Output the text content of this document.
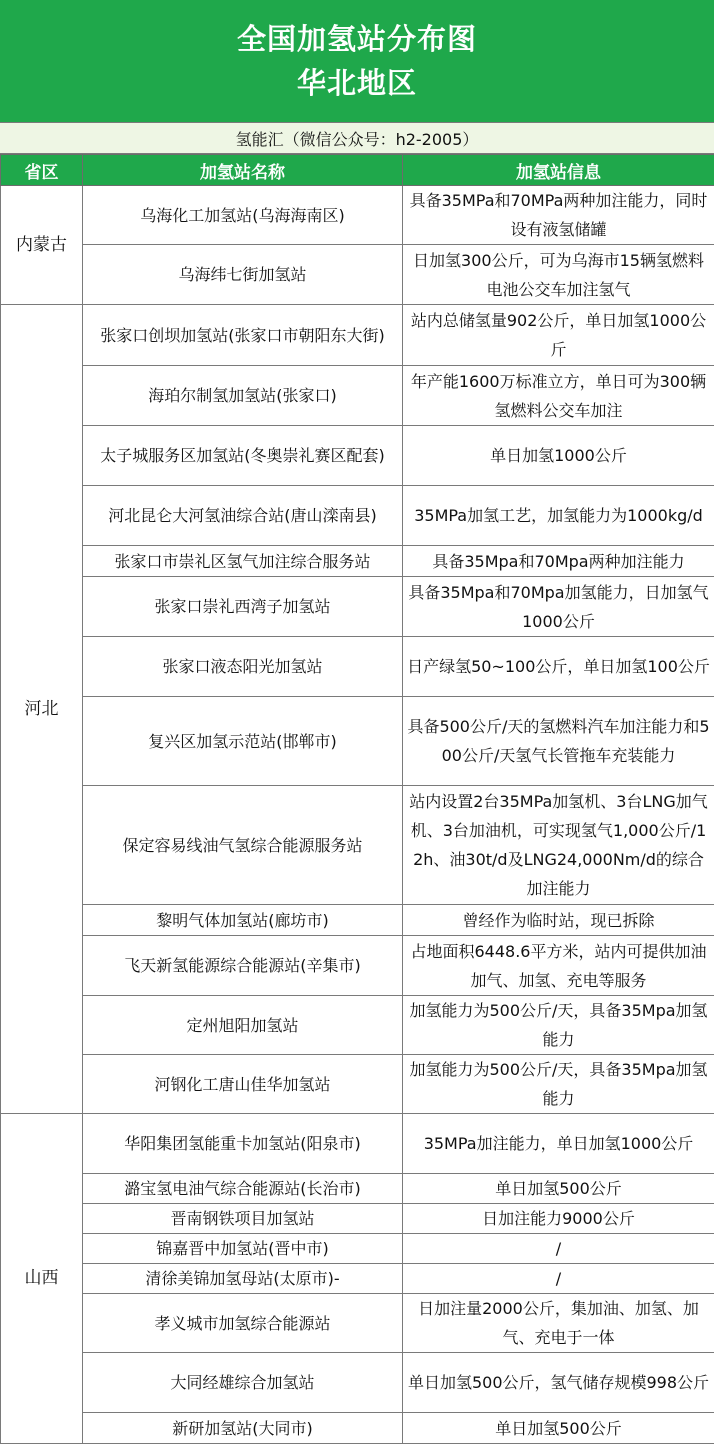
全国加氢站分布图
华北地区
氢能汇（微信公众号：h2-2005）
省区	加氢站名称	加氢站信息
内蒙古	乌海化工加氢站(乌海海南区)	具备35MPa和70MPa两种加注能力，同时设有液氢储罐
	乌海纬七街加氢站	日加氢300公斤，可为乌海市15辆氢燃料电池公交车加注氢气
河北	张家口创坝加氢站(张家口市朝阳东大街)	站内总储氢量902公斤，单日加氢1000公斤
	海珀尔制氢加氢站(张家口)	年产能1600万标准立方，单日可为300辆氢燃料公交车加注
	太子城服务区加氢站(冬奥崇礼赛区配套)	单日加氢1000公斤
	河北昆仑大河氢油综合站(唐山滦南县)	35MPa加氢工艺，加氢能力为1000kg/d
	张家口市崇礼区氢气加注综合服务站	具备35Mpa和70Mpa两种加注能力
	张家口崇礼西湾子加氢站	具备35Mpa和70Mpa加氢能力，日加氢气1000公斤
	张家口液态阳光加氢站	日产绿氢50~100公斤，单日加氢100公斤
	复兴区加氢示范站(邯郸市)	具备500公斤/天的氢燃料汽车加注能力和500公斤/天氢气长管拖车充装能力
	保定容易线油气氢综合能源服务站	站内设置2台35MPa加氢机、3台LNG加气机、3台加油机，可实现氢气1,000公斤/12h、油30t/d及LNG24,000Nm/d的综合加注能力
	黎明气体加氢站(廊坊市)	曾经作为临时站，现已拆除
	飞天新氢能源综合能源站(辛集市)	占地面积6448.6平方米，站内可提供加油加气、加氢、充电等服务
	定州旭阳加氢站	加氢能力为500公斤/天，具备35Mpa加氢能力
	河钢化工唐山佳华加氢站	加氢能力为500公斤/天，具备35Mpa加氢能力
山西	华阳集团氢能重卡加氢站(阳泉市)	35MPa加注能力，单日加氢1000公斤
	潞宝氢电油气综合能源站(长治市)	单日加氢500公斤
	晋南钢铁项目加氢站	日加注能力9000公斤
	锦嘉晋中加氢站(晋中市)	/
	清徐美锦加氢母站(太原市)-	/
	孝义城市加氢综合能源站	日加注量2000公斤，集加油、加氢、加气、充电于一体
	大同经雄综合加氢站	单日加氢500公斤，氢气储存规模998公斤
	新研加氢站(大同市)	单日加氢500公斤
